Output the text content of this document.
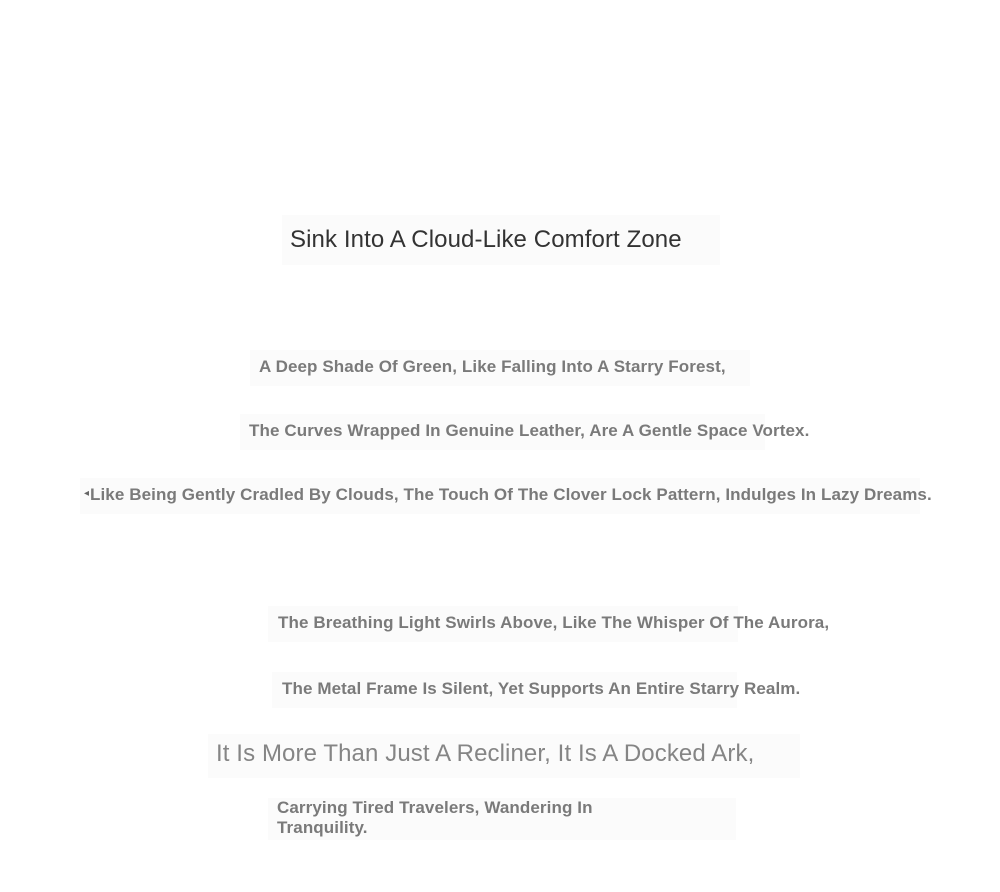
Sink Into A Cloud-Like Comfort Zone
A Deep Shade Of Green, Like Falling Into A Starry Forest,
The Curves Wrapped In Genuine Leather, Are A Gentle Space Vortex.
◂ Like Being Gently Cradled By Clouds, The Touch Of The Clover Lock Pattern, Indulges In Lazy Dreams.
The Breathing Light Swirls Above, Like The Whisper Of The Aurora,
The Metal Frame Is Silent, Yet Supports An Entire Starry Realm.
It Is More Than Just A Recliner, It Is A Docked Ark,
Carrying Tired Travelers, Wandering In Tranquility.
